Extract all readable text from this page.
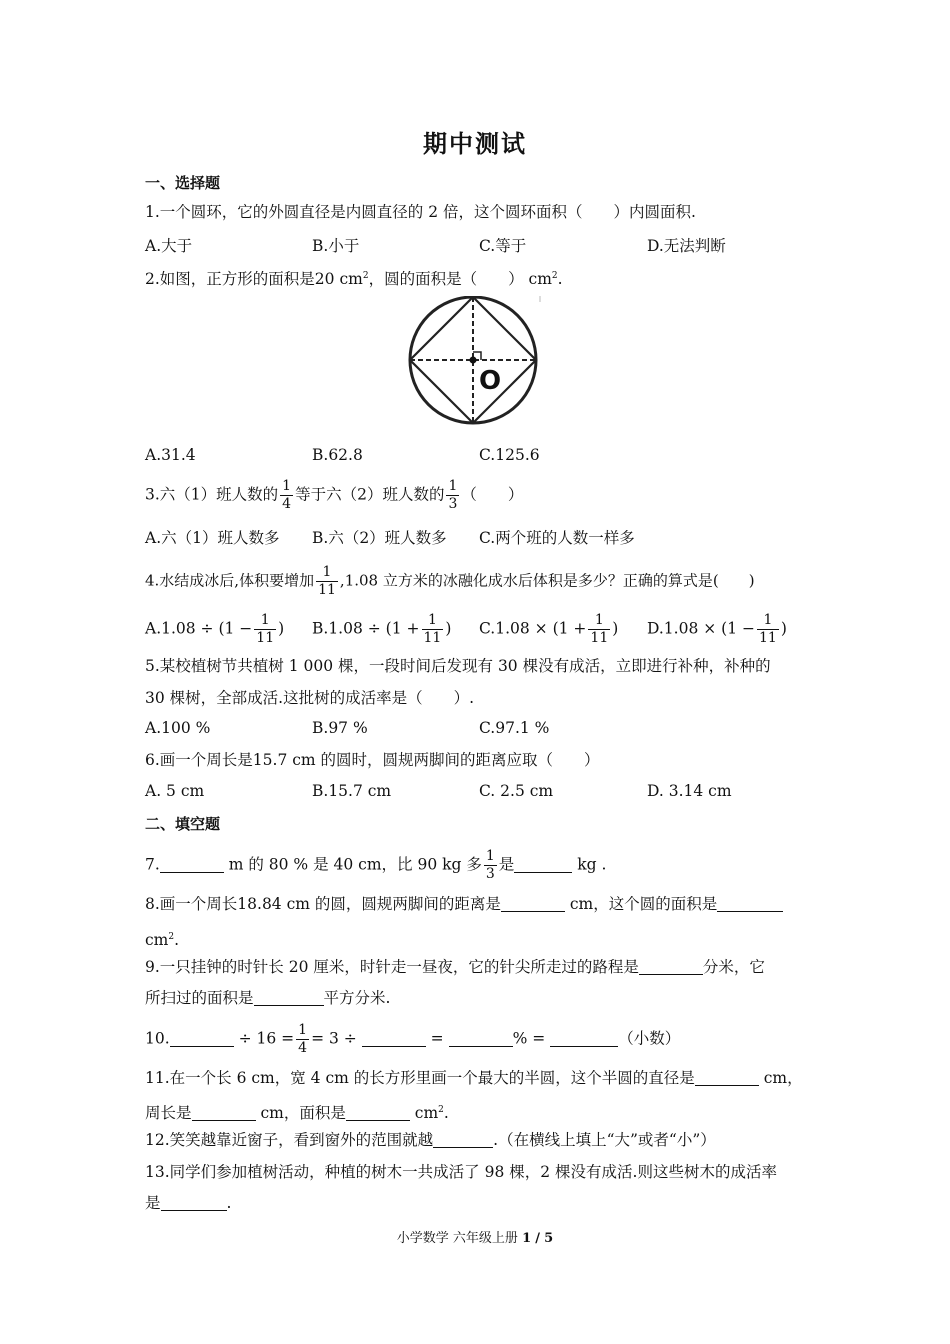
期中测试
一、选择题
1.一个圆环，它的外圆直径是内圆直径的 2 倍，这个圆环面积（　　）内圆面积.
A.大于	B.小于	C.等于	D.无法判断
2.如图，正方形的面积是20 $cm^2$，圆的面积是（　　） $cm^2$.
O
A.31.4	B.62.8	C.125.6
3.六（1）班人数的 $\frac{1}{4}$ 等于六（2）班人数的 $\frac{1}{3}$ （　　）
A.六（1）班人数多 B.六（2）班人数多 C.两个班的人数一样多
4.水结成冰后,体积要增加 $\frac{1}{11} ,1.08$ 立方米的冰融化成水后体积是多少？正确的算式是(　　)
$A.1.08 \div (1 - \frac{1}{11}$ ) $B.1.08 \div (1 + \frac{1}{11}$ ) $C.1.08 \times (1 + \frac{1}{11}$ ) $D.1.08 \times (1 - \frac{1}{11}$ )
5.某校植树节共植树 1 000 棵，一段时间后发现有 30 棵没有成活，立即进行补种，补种的
30 棵树，全部成活.这批树的成活率是（　　）.
A.100 %	B.97 %	C.97.1 %
6.画一个周长是15.7 cm 的圆时，圆规两脚间的距离应取（　　）
A. 5 cm	B.15.7 cm	C. 2.5 cm	D. 3.14 cm
二、填空题
7.	m 的 80 % 是 40 cm，比 90 kg 多 $\frac{1}{3}$ 是	kg .
8.画一个周长18.84 cm 的圆，圆规两脚间的距离是	cm，这个圆的面积是
$cm^2$.
9.一只挂钟的时针长 20 厘米，时针走一昼夜，它的针尖所走过的路程是	分米，它
所扫过的面积是	平方分米.
10.	÷ $16 = \frac{1}{4} = 3$ ÷	=	% =	（小数）
11.在一个长 6 cm，宽 4 cm 的长方形里画一个最大的半圆，这个半圆的直径是	cm，
周长是	cm，面积是	$cm^2$.
12.笑笑越靠近窗子，看到窗外的范围就越	.（在横线上填上“大”或者“小”）
13.同学们参加植树活动，种植的树木一共成活了 98 棵，2 棵没有成活.则这些树木的成活率
是	.
小学数学 六年级上册 1 / 5
